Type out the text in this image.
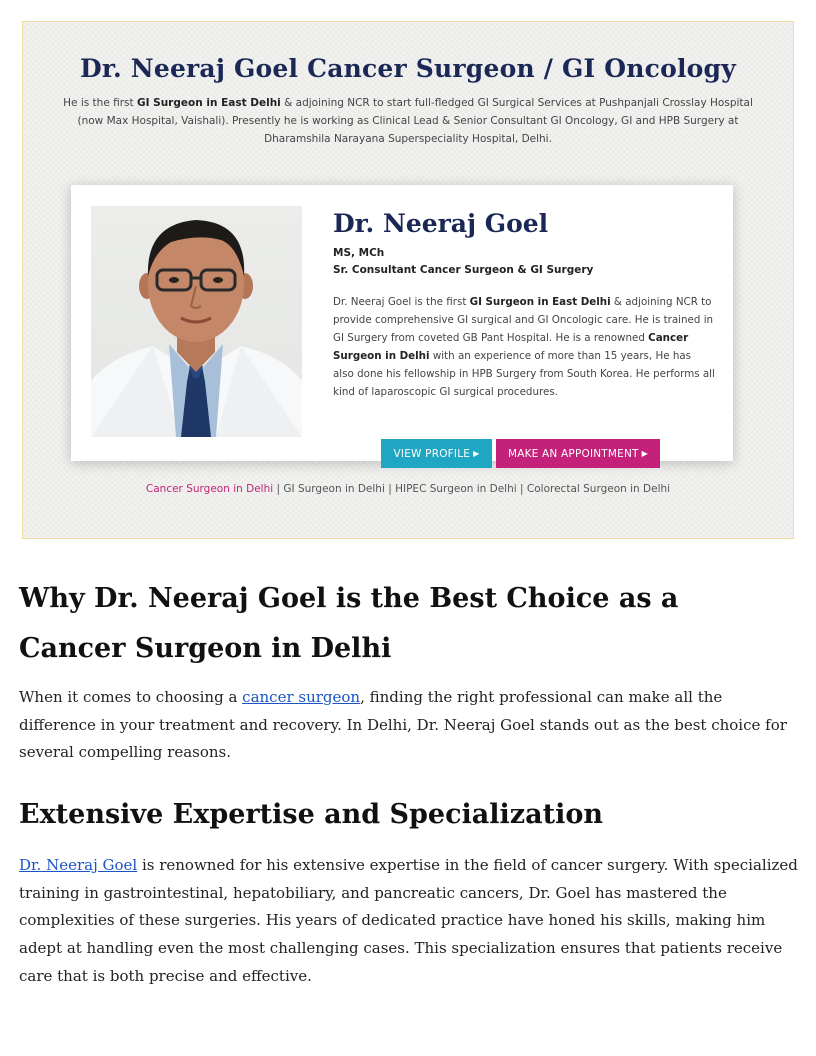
Dr. Neeraj Goel Cancer Surgeon / GI Oncology
He is the first GI Surgeon in East Delhi & adjoining NCR to start full-fledged GI Surgical Services at Pushpanjali Crosslay Hospital (now Max Hospital, Vaishali). Presently he is working as Clinical Lead & Senior Consultant GI Oncology, GI and HPB Surgery at Dharamshila Narayana Superspeciality Hospital, Delhi.
Dr. Neeraj Goel
MS, MCh
Sr. Consultant Cancer Surgeon & GI Surgery
Dr. Neeraj Goel is the first GI Surgeon in East Delhi & adjoining NCR to provide comprehensive GI surgical and GI Oncologic care. He is trained in GI Surgery from coveted GB Pant Hospital. He is a renowned Cancer Surgeon in Delhi with an experience of more than 15 years, He has also done his fellowship in HPB Surgery from South Korea. He performs all kind of laparoscopic GI surgical procedures.
VIEW PROFILE ▶	MAKE AN APPOINTMENT ▶
Cancer Surgeon in Delhi | GI Surgeon in Delhi | HIPEC Surgeon in Delhi | Colorectal Surgeon in Delhi
Why Dr. Neeraj Goel is the Best Choice as a Cancer Surgeon in Delhi

When it comes to choosing a cancer surgeon, finding the right professional can make all the difference in your treatment and recovery. In Delhi, Dr. Neeraj Goel stands out as the best choice for several compelling reasons.

Extensive Expertise and Specialization

Dr. Neeraj Goel is renowned for his extensive expertise in the field of cancer surgery. With specialized training in gastrointestinal, hepatobiliary, and pancreatic cancers, Dr. Goel has mastered the complexities of these surgeries. His years of dedicated practice have honed his skills, making him adept at handling even the most challenging cases. This specialization ensures that patients receive care that is both precise and effective.
